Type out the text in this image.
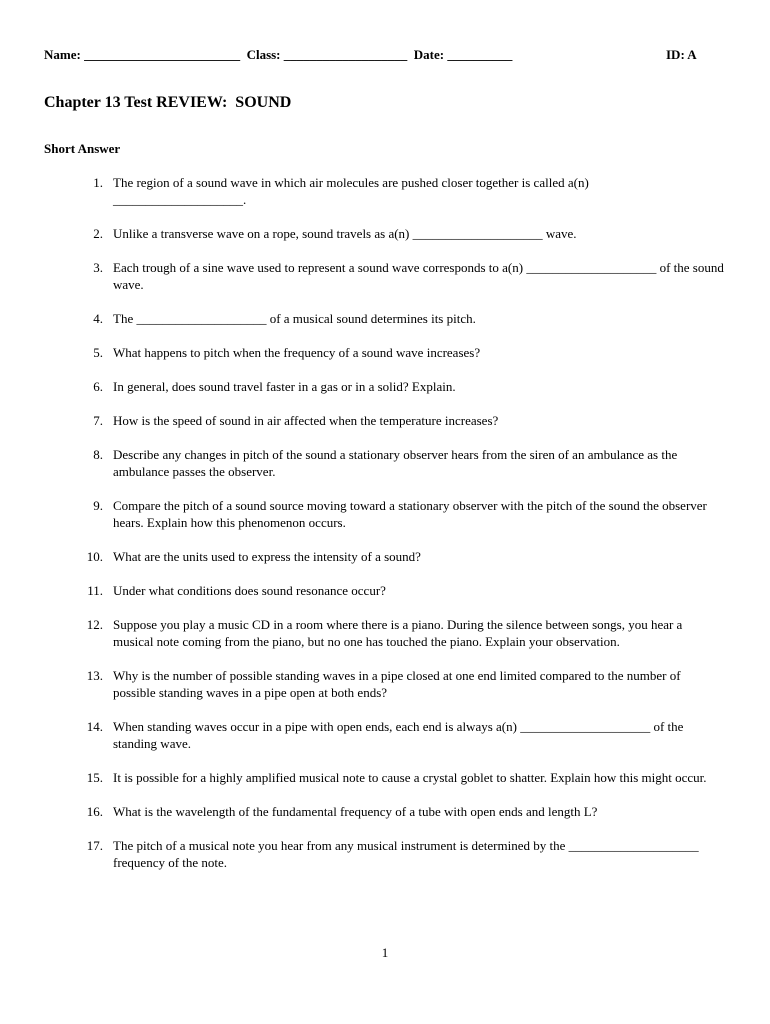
Name: ________________________  Class: ___________________  Date: __________	ID: A
Chapter 13 Test REVIEW:  SOUND
Short Answer
1. The region of a sound wave in which air molecules are pushed closer together is called a(n) ____________________.
2. Unlike a transverse wave on a rope, sound travels as a(n) ____________________ wave.
3. Each trough of a sine wave used to represent a sound wave corresponds to a(n) ____________________ of the sound wave.
4. The ____________________ of a musical sound determines its pitch.
5. What happens to pitch when the frequency of a sound wave increases?
6. In general, does sound travel faster in a gas or in a solid? Explain.
7. How is the speed of sound in air affected when the temperature increases?
8. Describe any changes in pitch of the sound a stationary observer hears from the siren of an ambulance as the ambulance passes the observer.
9. Compare the pitch of a sound source moving toward a stationary observer with the pitch of the sound the observer hears. Explain how this phenomenon occurs.
10. What are the units used to express the intensity of a sound?
11. Under what conditions does sound resonance occur?
12. Suppose you play a music CD in a room where there is a piano. During the silence between songs, you hear a musical note coming from the piano, but no one has touched the piano. Explain your observation.
13. Why is the number of possible standing waves in a pipe closed at one end limited compared to the number of possible standing waves in a pipe open at both ends?
14. When standing waves occur in a pipe with open ends, each end is always a(n) ____________________ of the standing wave.
15. It is possible for a highly amplified musical note to cause a crystal goblet to shatter. Explain how this might occur.
16. What is the wavelength of the fundamental frequency of a tube with open ends and length L?
17. The pitch of a musical note you hear from any musical instrument is determined by the ____________________ frequency of the note.
1
